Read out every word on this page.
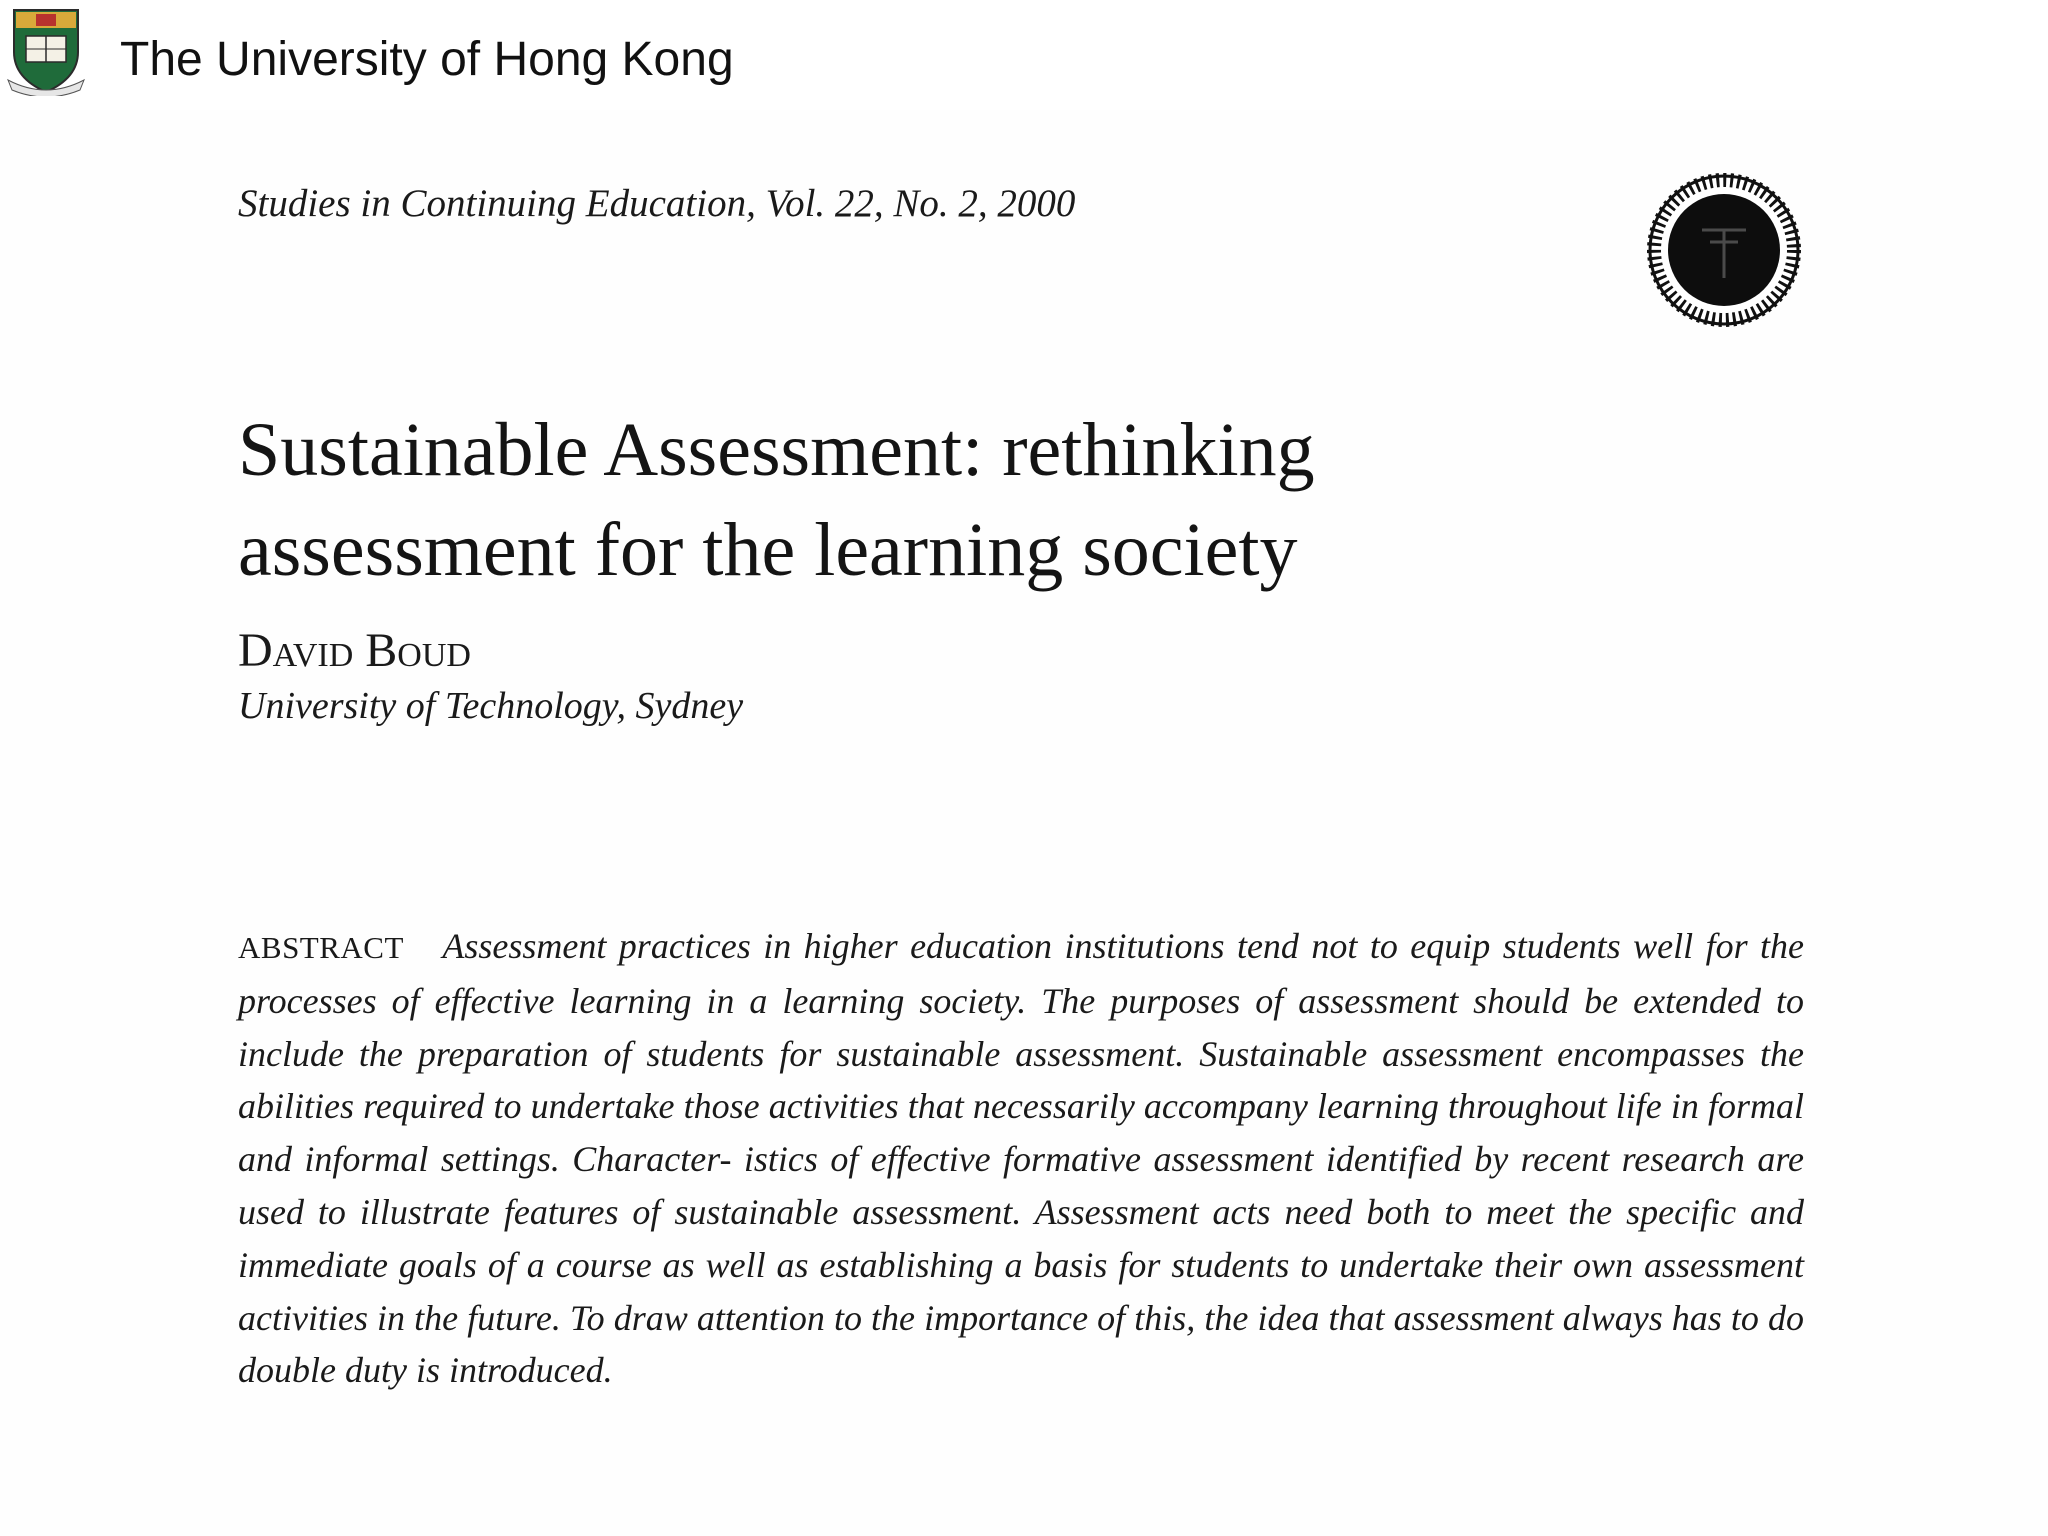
The University of Hong Kong
Studies in Continuing Education, Vol. 22, No. 2, 2000
Sustainable Assessment: rethinking
assessment for the learning society
David Boud
University of Technology, Sydney

ABSTRACT Assessment practices in higher education institutions tend not to equip students well for the processes of effective learning in a learning society. The purposes of assessment should be extended to include the preparation of students for sustainable assessment. Sustainable assessment encompasses the abilities required to undertake those activities that necessarily accompany learning throughout life in formal and informal settings. Character- istics of effective formative assessment identified by recent research are used to illustrate features of sustainable assessment. Assessment acts need both to meet the specific and immediate goals of a course as well as establishing a basis for students to undertake their own assessment activities in the future. To draw attention to the importance of this, the idea that assessment always has to do double duty is introduced.
